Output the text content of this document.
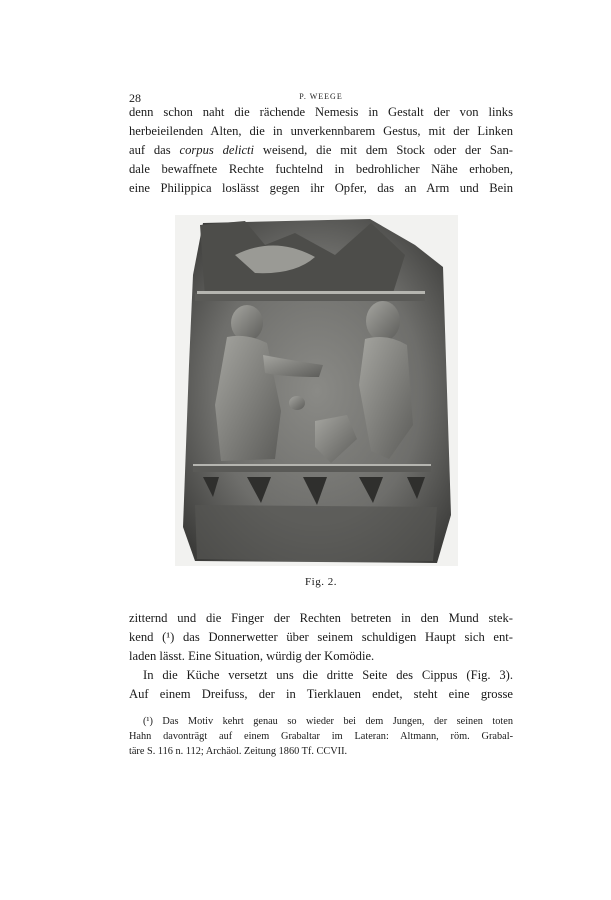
28	P. WEEGE
denn schon naht die rächende Nemesis in Gestalt der von links
herbeieilenden Alten, die in unverkennbarem Gestus, mit der Linken
auf das corpus delicti weisend, die mit dem Stock oder der San-
dale bewaffnete Rechte fuchtelnd in bedrohlicher Nähe erhoben,
eine Philippica loslässt gegen ihr Opfer, das an Arm und Bein
Fig. 2.
zitternd und die Finger der Rechten betreten in den Mund stek-
kend (¹) das Donnerwetter über seinem schuldigen Haupt sich ent-
laden lässt. Eine Situation, würdig der Komödie.
In die Küche versetzt uns die dritte Seite des Cippus (Fig. 3).
Auf einem Dreifuss, der in Tierklauen endet, steht eine grosse
(¹) Das Motiv kehrt genau so wieder bei dem Jungen, der seinen toten
Hahn davonträgt auf einem Grabaltar im Lateran: Altmann, röm. Grabal-
täre S. 116 n. 112; Archäol. Zeitung 1860 Tf. CCVII.
